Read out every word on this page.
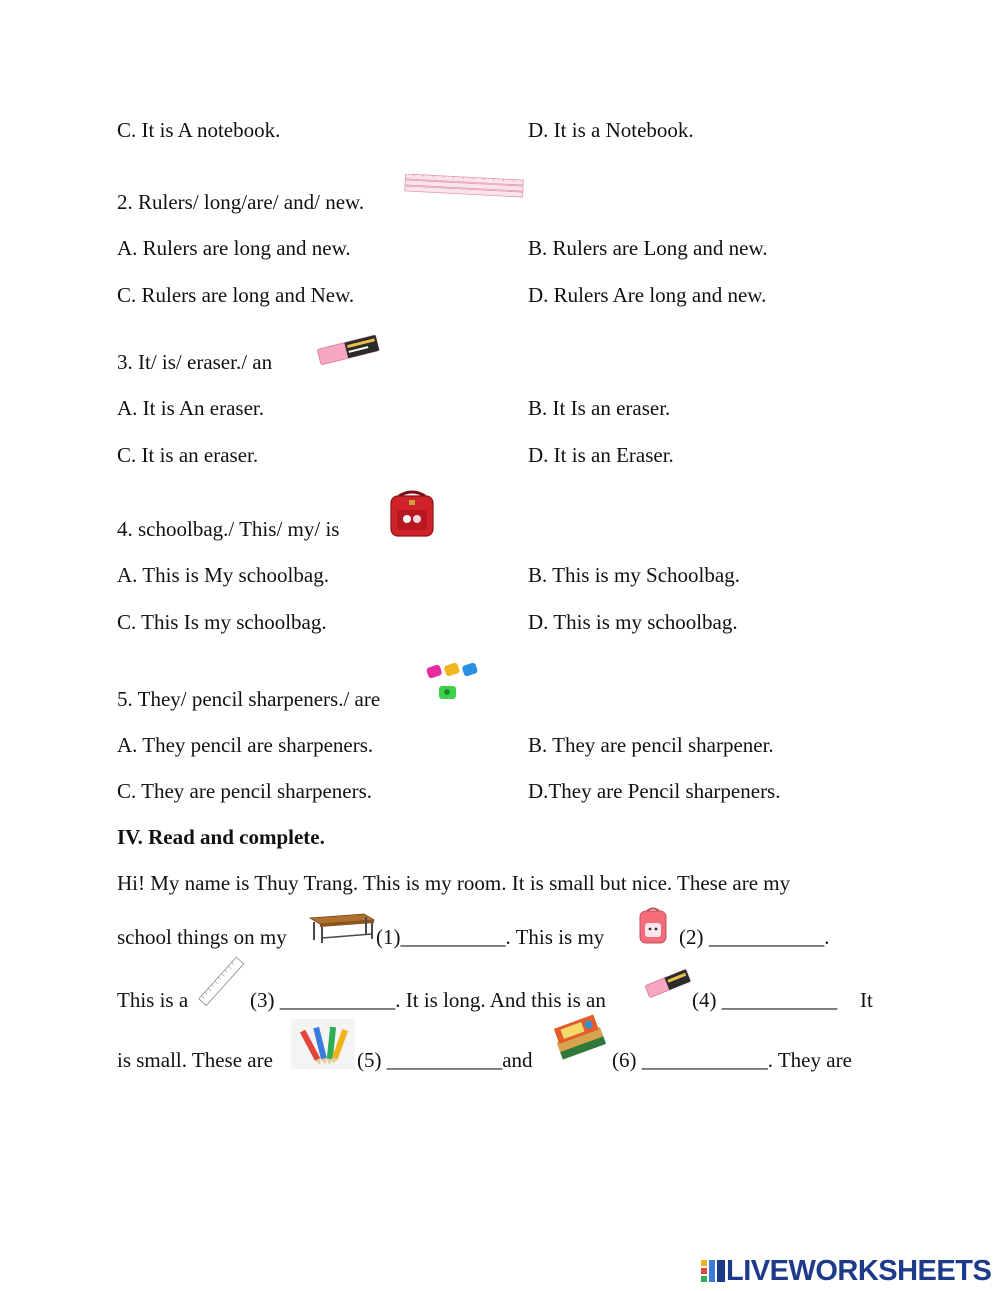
C. It is A notebook.	D. It is a Notebook.
2. Rulers/ long/are/ and/ new.
A. Rulers are long and new.	B. Rulers are Long and new.
C. Rulers are long and New.	D. Rulers Are long and new.
3. It/ is/ eraser./ an
A. It is An eraser.	B. It Is an eraser.
C. It is an eraser.	D. It is an Eraser.
4. schoolbag./ This/ my/ is
A. This is My schoolbag.	B. This is my Schoolbag.
C. This Is my schoolbag.	D. This is my schoolbag.
5. They/ pencil sharpeners./ are
A. They pencil are sharpeners.	B. They are pencil sharpener.
C. They are pencil sharpeners.	D.They are Pencil sharpeners.
IV. Read and complete.
Hi! My name is Thuy Trang. This is my room. It is small but nice. These are my
school things on my	(1)__________. This is my	(2) ___________.
This is a	(3) ___________. It is long. And this is an	(4) ___________ It
is small. These are	(5) ___________and	(6) ____________. They are
LIVEWORKSHEETS
